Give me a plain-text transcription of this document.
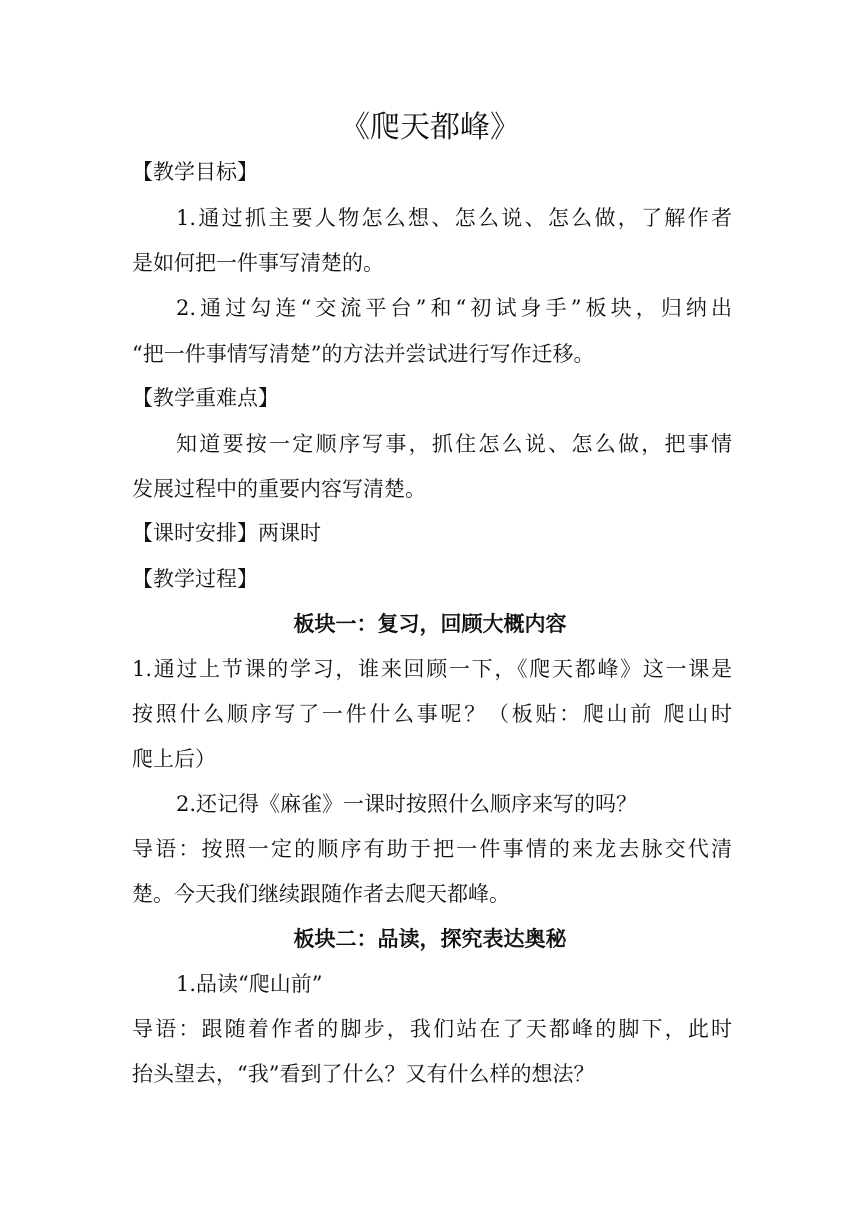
《爬天都峰》
【教学目标】
1.通过抓主要人物怎么想、怎么说、怎么做，了解作者
是如何把一件事写清楚的。
2.通过勾连“交流平台”和“初试身手”板块，归纳出
“把一件事情写清楚”的方法并尝试进行写作迁移。
【教学重难点】
知道要按一定顺序写事，抓住怎么说、怎么做，把事情
发展过程中的重要内容写清楚。
【课时安排】两课时
【教学过程】
板块一：复习，回顾大概内容
1.通过上节课的学习，谁来回顾一下，《爬天都峰》这一课是
按照什么顺序写了一件什么事呢？（板贴：爬山前 爬山时
爬上后）
2.还记得《麻雀》一课时按照什么顺序来写的吗？
导语：按照一定的顺序有助于把一件事情的来龙去脉交代清
楚。今天我们继续跟随作者去爬天都峰。
板块二：品读，探究表达奥秘
1.品读“爬山前”
导语：跟随着作者的脚步，我们站在了天都峰的脚下，此时
抬头望去，“我”看到了什么？又有什么样的想法？
